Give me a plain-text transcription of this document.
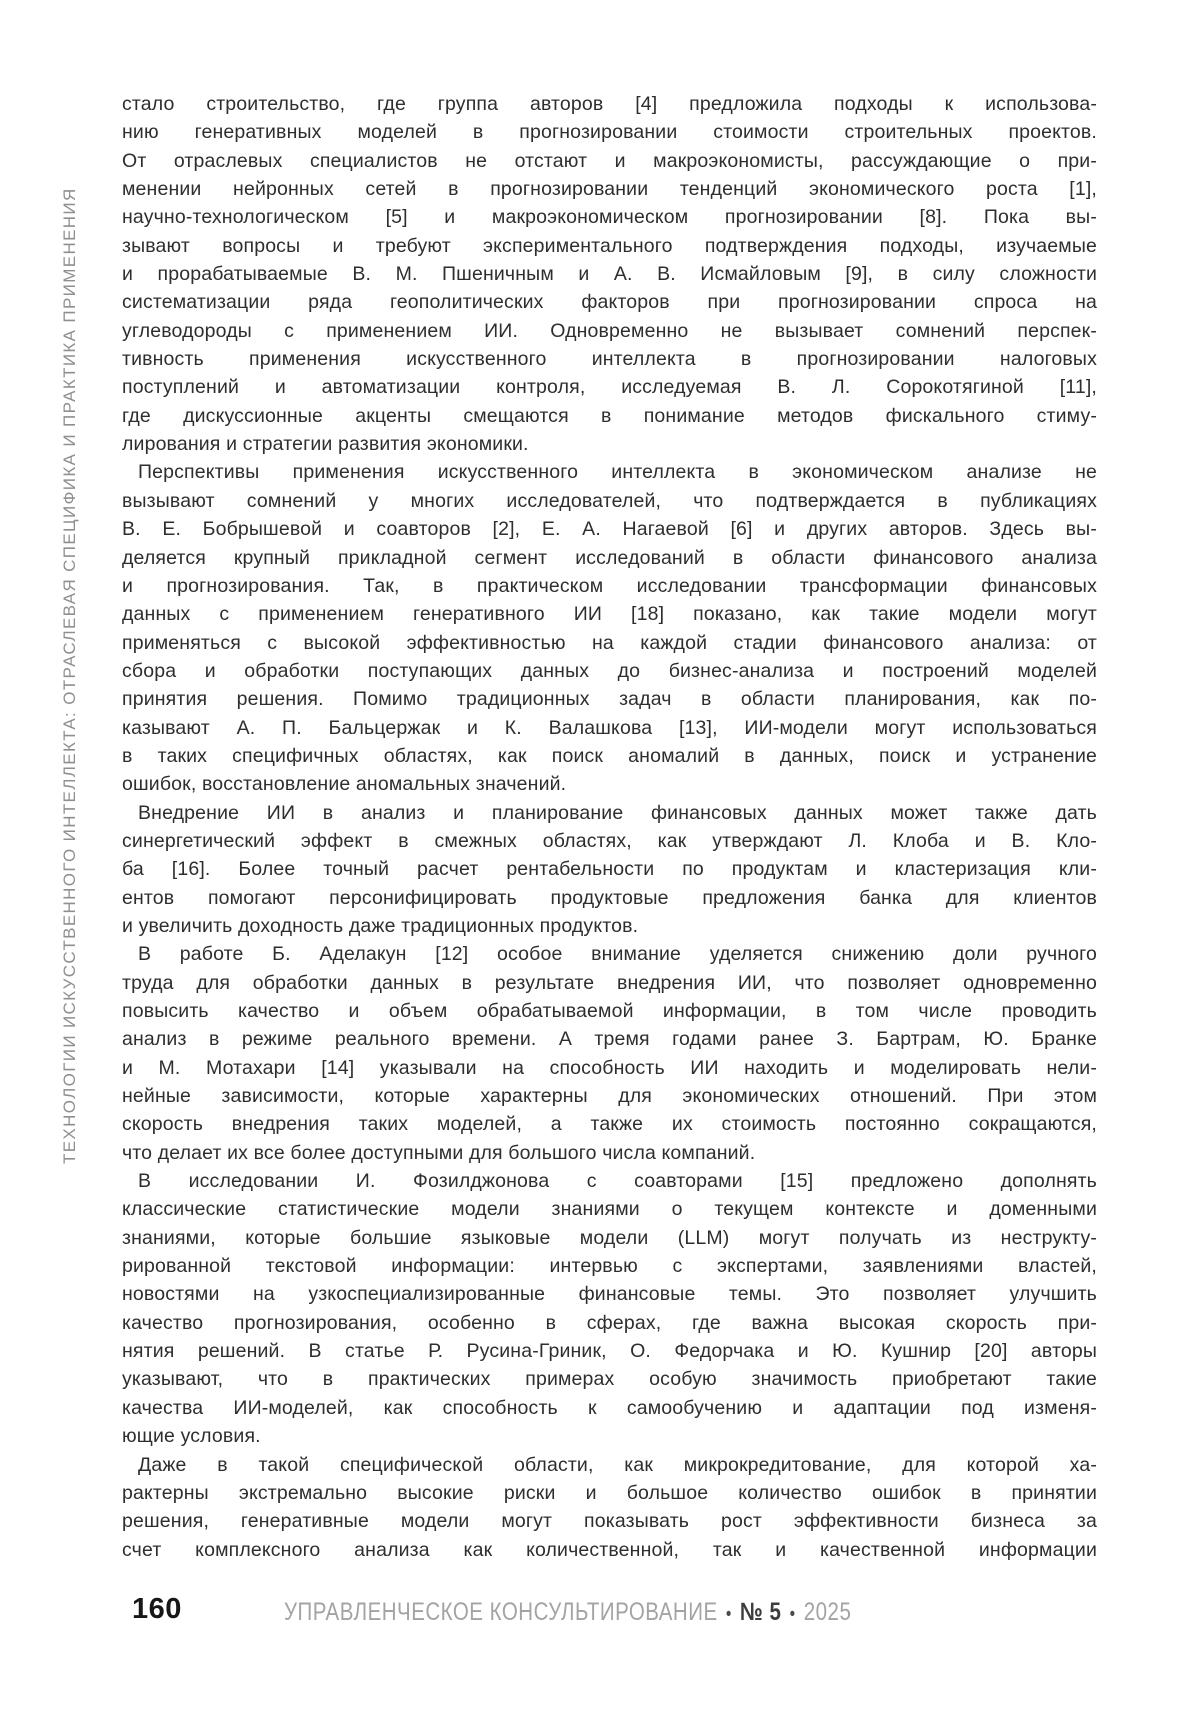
ТЕХНОЛОГИИ ИСКУССТВЕННОГО ИНТЕЛЛЕКТА: ОТРАСЛЕВАЯ СПЕЦИФИКА И ПРАКТИКА ПРИМЕНЕНИЯ
стало строительство, где группа авторов [4] предложила подходы к использова-
нию генеративных моделей в прогнозировании стоимости строительных проектов.
От отраслевых специалистов не отстают и макроэкономисты, рассуждающие о при-
менении нейронных сетей в прогнозировании тенденций экономического роста [1],
научно-технологическом [5] и макроэкономическом прогнозировании [8]. Пока вы-
зывают вопросы и требуют экспериментального подтверждения подходы, изучаемые
и прорабатываемые В. М. Пшеничным и А. В. Исмайловым [9], в силу сложности
систематизации ряда геополитических факторов при прогнозировании спроса на
углеводороды с применением ИИ. Одновременно не вызывает сомнений перспек-
тивность применения искусственного интеллекта в прогнозировании налоговых
поступлений и автоматизации контроля, исследуемая В. Л. Сорокотягиной [11],
где дискуссионные акценты смещаются в понимание методов фискального стиму-
лирования и стратегии развития экономики.
Перспективы применения искусственного интеллекта в экономическом анализе не
вызывают сомнений у многих исследователей, что подтверждается в публикациях
В. Е. Бобрышевой и соавторов [2], Е. А. Нагаевой [6] и других авторов. Здесь вы-
деляется крупный прикладной сегмент исследований в области финансового анализа
и прогнозирования. Так, в практическом исследовании трансформации финансовых
данных с применением генеративного ИИ [18] показано, как такие модели могут
применяться с высокой эффективностью на каждой стадии финансового анализа: от
сбора и обработки поступающих данных до бизнес-анализа и построений моделей
принятия решения. Помимо традиционных задач в области планирования, как по-
казывают А. П. Бальцержак и К. Валашкова [13], ИИ-модели могут использоваться
в таких специфичных областях, как поиск аномалий в данных, поиск и устранение
ошибок, восстановление аномальных значений.
Внедрение ИИ в анализ и планирование финансовых данных может также дать
синергетический эффект в смежных областях, как утверждают Л. Клоба и В. Кло-
ба [16]. Более точный расчет рентабельности по продуктам и кластеризация кли-
ентов помогают персонифицировать продуктовые предложения банка для клиентов
и увеличить доходность даже традиционных продуктов.
В работе Б. Аделакун [12] особое внимание уделяется снижению доли ручного
труда для обработки данных в результате внедрения ИИ, что позволяет одновременно
повысить качество и объем обрабатываемой информации, в том числе проводить
анализ в режиме реального времени. А тремя годами ранее З. Бартрам, Ю. Бранке
и М. Мотахари [14] указывали на способность ИИ находить и моделировать нели-
нейные зависимости, которые характерны для экономических отношений. При этом
скорость внедрения таких моделей, а также их стоимость постоянно сокращаются,
что делает их все более доступными для большого числа компаний.
В исследовании И. Фозилджонова с соавторами [15] предложено дополнять
классические статистические модели знаниями о текущем контексте и доменными
знаниями, которые большие языковые модели (LLM) могут получать из неструкту-
рированной текстовой информации: интервью с экспертами, заявлениями властей,
новостями на узкоспециализированные финансовые темы. Это позволяет улучшить
качество прогнозирования, особенно в сферах, где важна высокая скорость при-
нятия решений. В статье Р. Русина-Гриник, О. Федорчака и Ю. Кушнир [20] авторы
указывают, что в практических примерах особую значимость приобретают такие
качества ИИ-моделей, как способность к самообучению и адаптации под изменя-
ющие условия.
Даже в такой специфической области, как микрокредитование, для которой ха-
рактерны экстремально высокие риски и большое количество ошибок в принятии
решения, генеративные модели могут показывать рост эффективности бизнеса за
счет комплексного анализа как количественной, так и качественной информации
160	УПРАВЛЕНЧЕСКОЕ КОНСУЛЬТИРОВАНИЕ • № 5 • 2025
